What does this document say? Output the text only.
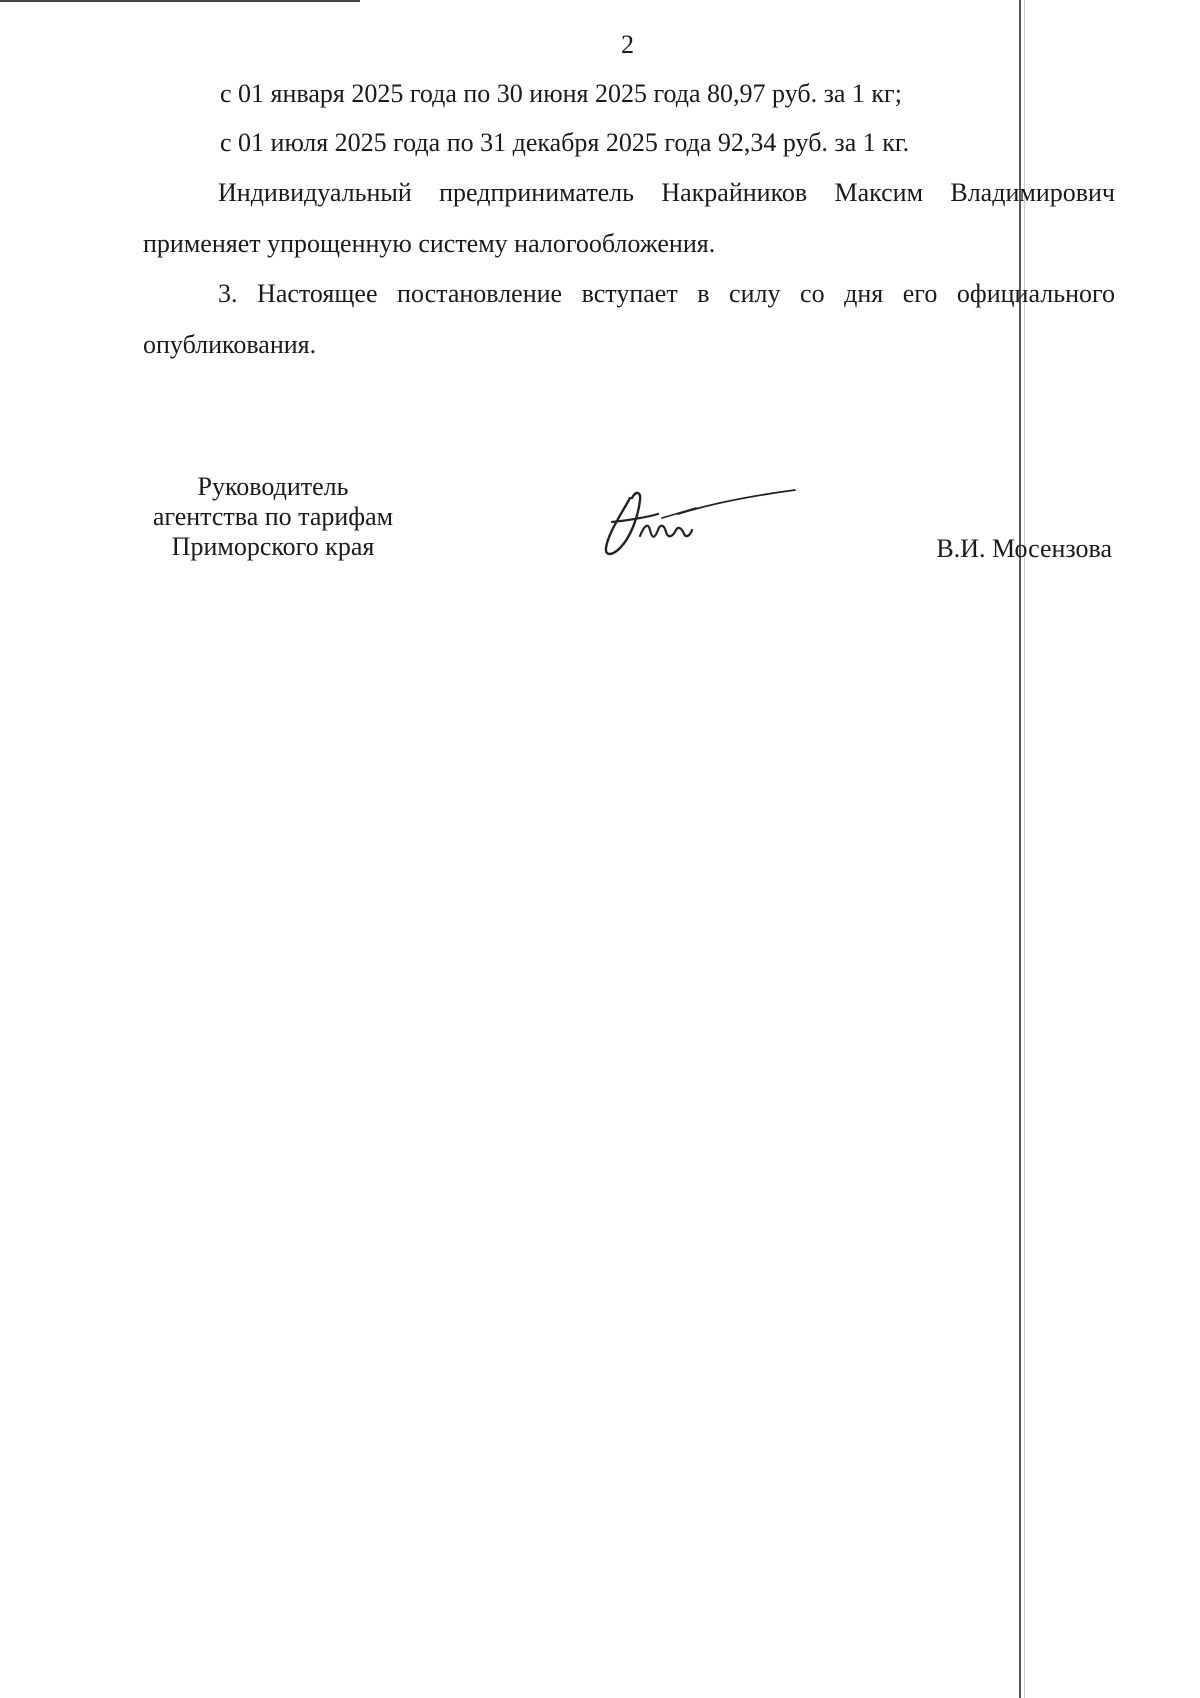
2
с 01 января 2025 года по 30 июня 2025 года 80,97 руб. за 1 кг;
с 01 июля 2025 года по 31 декабря 2025 года 92,34 руб. за 1 кг.
Индивидуальный предприниматель Накрайников Максим Владимирович
применяет упрощенную систему налогообложения.
3. Настоящее постановление вступает в силу со дня его официального
опубликования.
Руководитель
агентства по тарифам
Приморского края	В.И. Мосензова
